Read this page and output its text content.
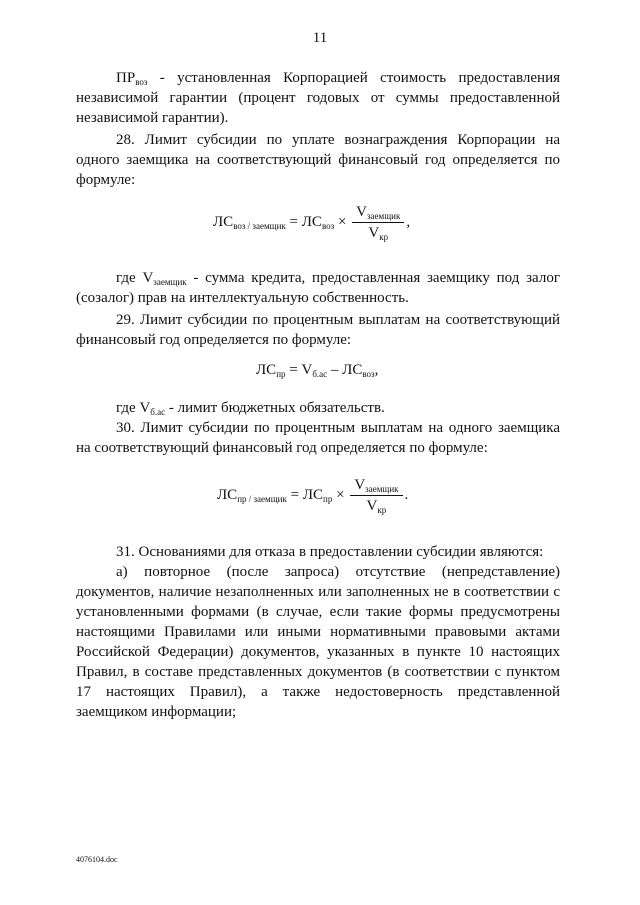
11

$ПР_{воз}$ - установленная Корпорацией стоимость предоставления независимой гарантии (процент годовых от суммы предоставленной независимой гарантии).

28. Лимит субсидии по уплате вознаграждения Корпорации на одного заемщика на соответствующий финансовый год определяется по формуле:

$ЛС_{воз / заемщик} = ЛС_{воз} \times \frac{V_{заемщик}}{V_{кр}}$ ,

где $V_{заемщик}$ - сумма кредита, предоставленная заемщику под залог (созалог) прав на интеллектуальную собственность.

29. Лимит субсидии по процентным выплатам на соответствующий финансовый год определяется по формуле:

$ЛС_{пр} = V_{б.ас} - ЛС_{воз}$,

где $V_{б.ас}$ - лимит бюджетных обязательств.

30. Лимит субсидии по процентным выплатам на одного заемщика на соответствующий финансовый год определяется по формуле:

$ЛС_{пр / заемщик} = ЛС_{пр} \times \frac{V_{заемщик}}{V_{кр}}$ .

31. Основаниями для отказа в предоставлении субсидии являются:

а) повторное (после запроса) отсутствие (непредставление) документов, наличие незаполненных или заполненных не в соответствии с установленными формами (в случае, если такие формы предусмотрены настоящими Правилами или иными нормативными правовыми актами Российской Федерации) документов, указанных в пункте 10 настоящих Правил, в составе представленных документов (в соответствии с пунктом 17 настоящих Правил), а также недостоверность представленной заемщиком информации;

4076104.doc
